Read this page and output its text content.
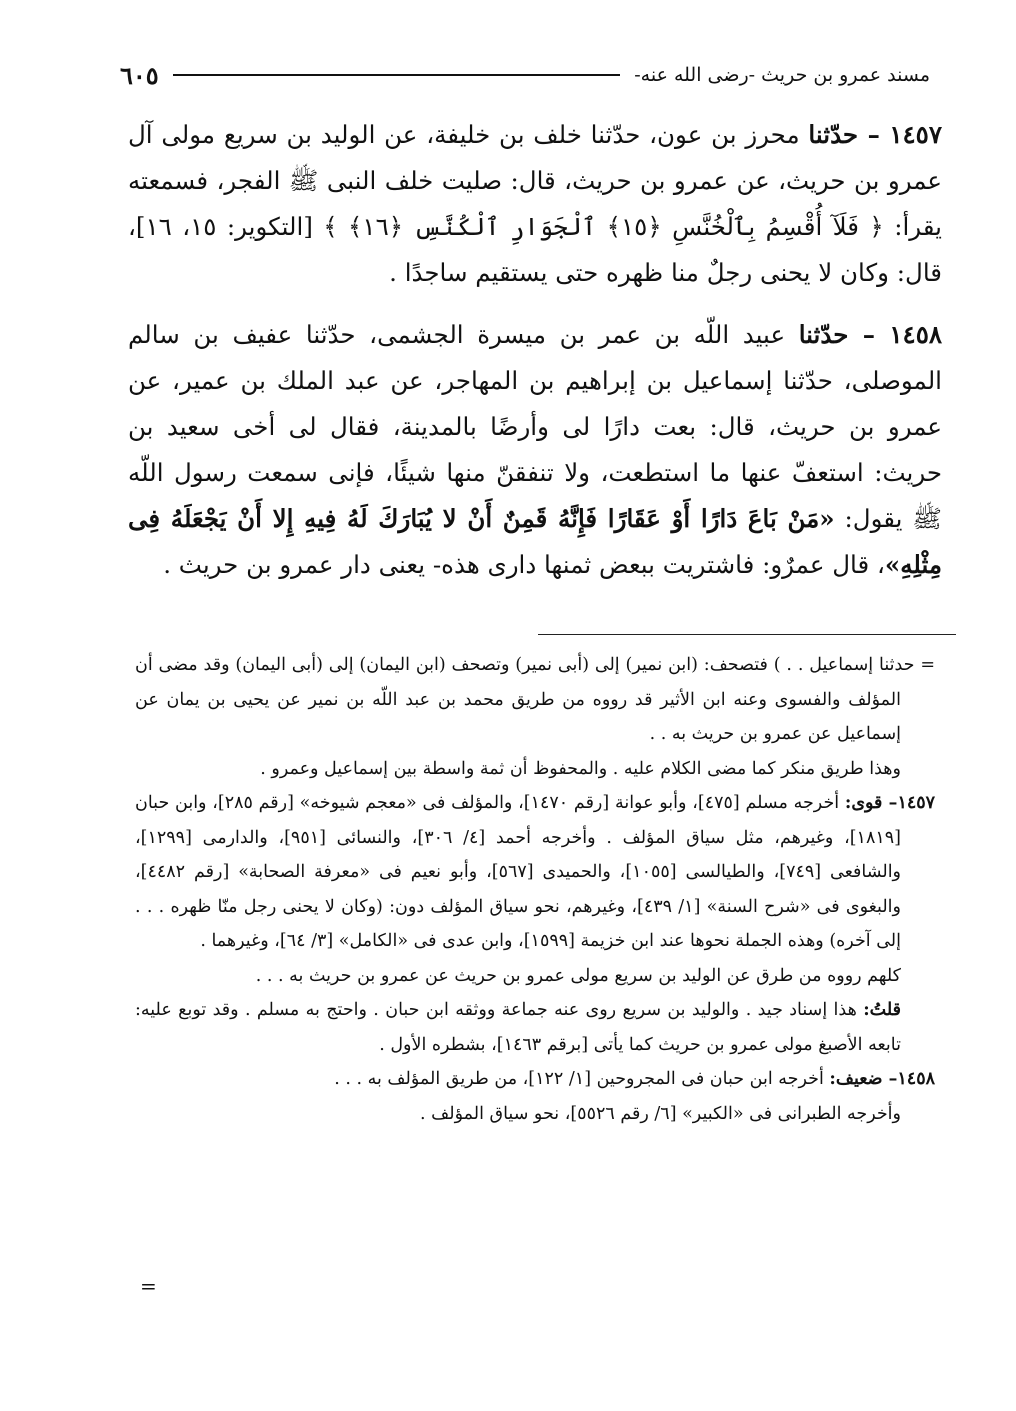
مسند عمرو بن حريث -رضى الله عنه-
٦٠٥

١٤٥٧ – حدّثنا محرز بن عون، حدّثنا خلف بن خليفة، عن الوليد بن سريع مولى آل عمرو بن حريث، عن عمرو بن حريث، قال: صليت خلف النبى ﷺ الفجر، فسمعته يقرأ: ﴿ فَلَآ أُقْسِمُ بِٱلْخُنَّسِ ﴿١٥﴾ ٱلْجَوَارِ ٱلْكُنَّسِ ﴿١٦﴾ ﴾ [التكوير: ١٥، ١٦]، قال: وكان لا يحنى رجلٌ منا ظهره حتى يستقيم ساجدًا .

١٤٥٨ – حدّثنا عبيد اللّه بن عمر بن ميسرة الجشمى، حدّثنا عفيف بن سالم الموصلى، حدّثنا إسماعيل بن إبراهيم بن المهاجر، عن عبد الملك بن عمير، عن عمرو بن حريث، قال: بعت دارًا لى وأرضًا بالمدينة، فقال لى أخى سعيد بن حريث: استعفّ عنها ما استطعت، ولا تنفقنّ منها شيئًا، فإنى سمعت رسول اللّه ﷺ يقول: «مَنْ بَاعَ دَارًا أَوْ عَقَارًا فَإِنَّهُ قَمِنٌ أَنْ لا يُبَارَكَ لَهُ فِيهِ إِلا أَنْ يَجْعَلَهُ فِى مِثْلِهِ»، قال عمرٌو: فاشتريت ببعض ثمنها دارى هذه- يعنى دار عمرو بن حريث .

= حدثنا إسماعيل . . ) فتصحف: (ابن نمير) إلى (أبى نمير) وتصحف (ابن اليمان) إلى (أبى اليمان) وقد مضى أن المؤلف والفسوى وعنه ابن الأثير قد رووه من طريق محمد بن عبد اللّه بن نمير عن يحيى بن يمان عن إسماعيل عن عمرو بن حريث به . .

وهذا طريق منكر كما مضى الكلام عليه . والمحفوظ أن ثمة واسطة بين إسماعيل وعمرو .

١٤٥٧– قوى: أخرجه مسلم [٤٧٥]، وأبو عوانة [رقم ١٤٧٠]، والمؤلف فى «معجم شيوخه» [رقم ٢٨٥]، وابن حبان [١٨١٩]، وغيرهم، مثل سياق المؤلف . وأخرجه أحمد [٤/ ٣٠٦]، والنسائى [٩٥١]، والدارمى [١٢٩٩]، والشافعى [٧٤٩]، والطيالسى [١٠٥٥]، والحميدى [٥٦٧]، وأبو نعيم فى «معرفة الصحابة» [رقم ٤٤٨٢]، والبغوى فى «شرح السنة» [١/ ٤٣٩]، وغيرهم، نحو سياق المؤلف دون: (وكان لا يحنى رجل منّا ظهره . . . إلى آخره) وهذه الجملة نحوها عند ابن خزيمة [١٥٩٩]، وابن عدى فى «الكامل» [٣/ ٦٤]، وغيرهما .

كلهم رووه من طرق عن الوليد بن سريع مولى عمرو بن حريث عن عمرو بن حريث به . . .

قلتُ: هذا إسناد جيد . والوليد بن سريع روى عنه جماعة ووثقه ابن حبان . واحتج به مسلم . وقد توبع عليه: تابعه الأصبغ مولى عمرو بن حريث كما يأتى [برقم ١٤٦٣]، بشطره الأول .

١٤٥٨– ضعيف: أخرجه ابن حبان فى المجروحين [١/ ١٢٢]، من طريق المؤلف به . . .

وأخرجه الطبرانى فى «الكبير» [٦/ رقم ٥٥٢٦]، نحو سياق المؤلف .

=
